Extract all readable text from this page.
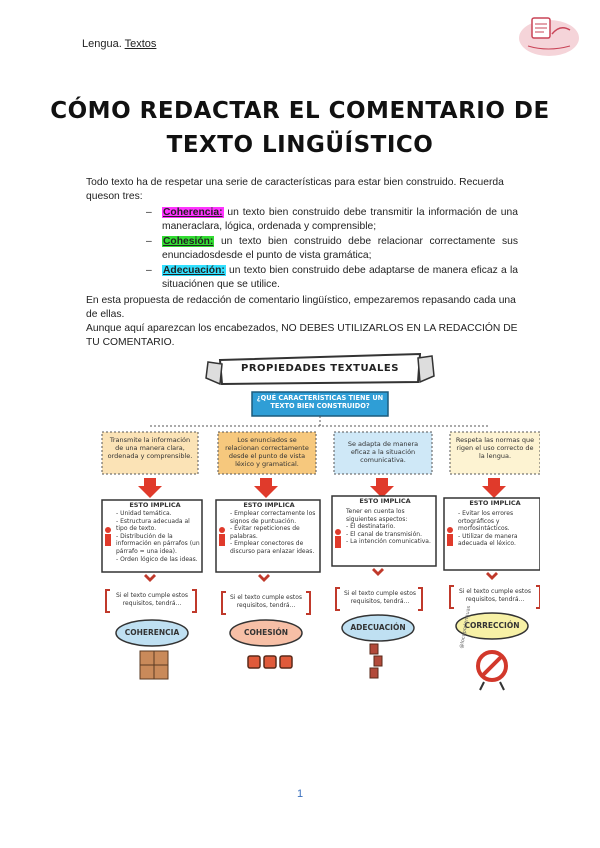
Lengua. Textos
CÓMO REDACTAR EL COMENTARIO DE
TEXTO LINGÜÍSTICO

Todo texto ha de respetar una serie de características para estar bien construido. Recuerda queson tres:

– Coherencia: un texto bien construido debe transmitir la información de una maneraclara, lógica, ordenada y comprensible;
– Cohesión: un texto bien construido debe relacionar correctamente sus enunciadosdesde el punto de vista gramática;
– Adecuación: un texto bien construido debe adaptarse de manera eficaz a la situaciónen que se utilice.

En esta propuesta de redacción de comentario lingüístico, empezaremos repasando cada una de ellas.

Aunque aquí aparezcan los encabezados, NO DEBES UTILIZARLOS EN LA REDACCIÓN DE TU COMENTARIO.

PROPIEDADES TEXTUALES
¿QUÉ CARACTERÍSTICAS TIENE UN TEXTO BIEN CONSTRUIDO?
Transmite la información de una manera clara, ordenada y comprensible.
Los enunciados se relacionan correctamente desde el punto de vista léxico y gramatical.
Se adapta de manera eficaz a la situación comunicativa.
Respeta las normas que rigen el uso correcto de la lengua.
ESTO IMPLICA	ESTO IMPLICA	ESTO IMPLICA	ESTO IMPLICA
- Unidad temática.
- Estructura adecuada al tipo de texto.
- Distribución de la información en párrafos (un párrafo = una idea).
- Orden lógico de las ideas.
- Emplear correctamente los signos de puntuación.
- Evitar repeticiones de palabras.
- Emplear conectores de discurso para enlazar ideas.
Tener en cuenta los siguientes aspectos:
- El destinatario.
- El canal de transmisión.
- La intención comunicativa.
- Evitar los errores ortográficos y morfosintácticos.
- Utilizar de manera adecuada el léxico.
Si el texto cumple estos requisitos, tendrá...
Si el texto cumple estos requisitos, tendrá...
Si el texto cumple estos requisitos, tendrá...
Si el texto cumple estos requisitos, tendrá...
COHERENCIA	COHESIÓN
ADECUACIÓN	CORRECCIÓN
@locoporlenguas
1
